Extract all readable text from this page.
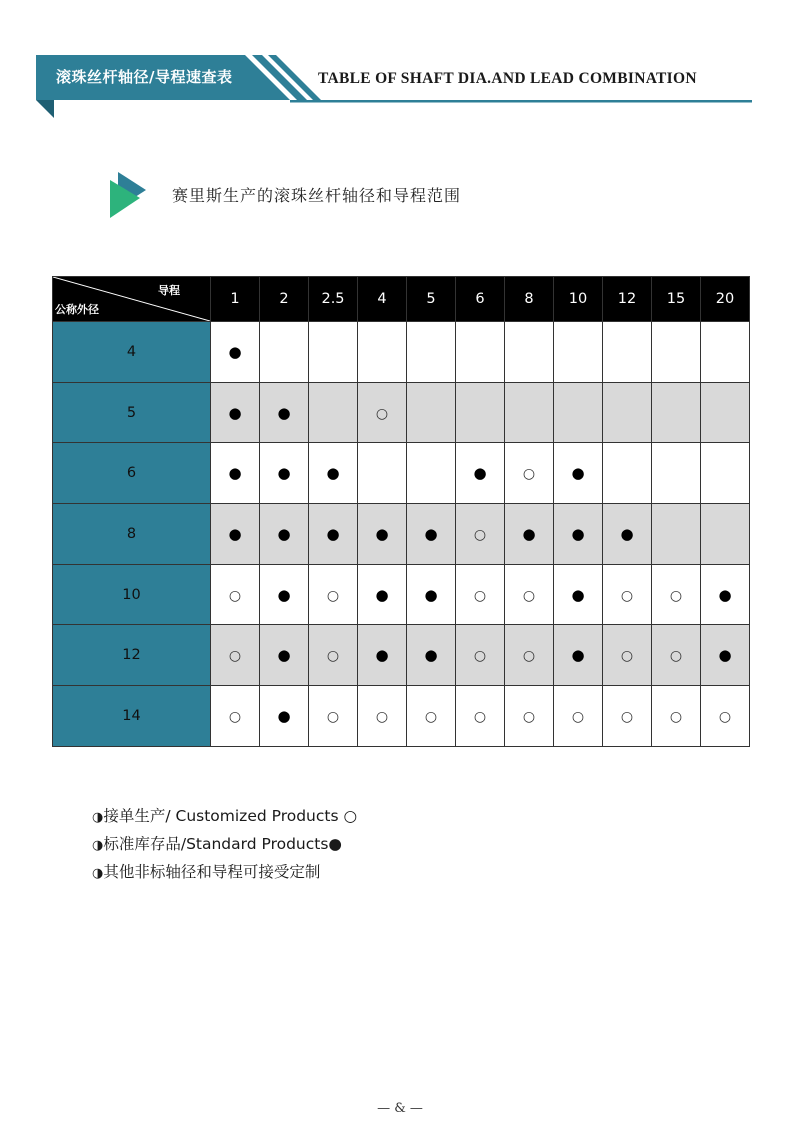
滚珠丝杆轴径/导程速查表	TABLE OF SHAFT DIA.AND LEAD COMBINATION
赛里斯生产的滚珠丝杆轴径和导程范围
导程
公称外径	1	2	2.5	4	5	6	8	10	12	15	20
4	●										
5	●	●		○							
6	●	●	●			●	○	●			
8	●	●	●	●	●	○	●	●	●		
10	○	●	○	●	●	○	○	●	○	○	●
12	○	●	○	●	●	○	○	●	○	○	●
14	○	●	○	○	○	○	○	○	○	○	○
◑接单生产/ Customized Products ○
◑标准库存品/Standard Products●
◑其他非标轴径和导程可接受定制
— & —
